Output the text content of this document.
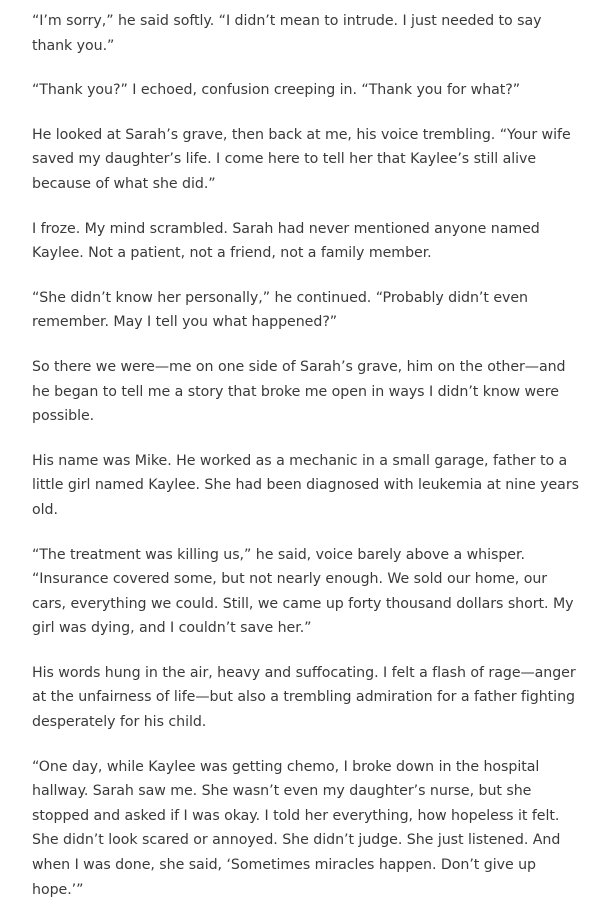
“I’m sorry,” he said softly. “I didn’t mean to intrude. I just needed to say thank you.”

“Thank you?” I echoed, confusion creeping in. “Thank you for what?”

He looked at Sarah’s grave, then back at me, his voice trembling. “Your wife saved my daughter’s life. I come here to tell her that Kaylee’s still alive because of what she did.”

I froze. My mind scrambled. Sarah had never mentioned anyone named Kaylee. Not a patient, not a friend, not a family member.

“She didn’t know her personally,” he continued. “Probably didn’t even remember. May I tell you what happened?”

So there we were—me on one side of Sarah’s grave, him on the other—and he began to tell me a story that broke me open in ways I didn’t know were possible.

His name was Mike. He worked as a mechanic in a small garage, father to a little girl named Kaylee. She had been diagnosed with leukemia at nine years old.

“The treatment was killing us,” he said, voice barely above a whisper. “Insurance covered some, but not nearly enough. We sold our home, our cars, everything we could. Still, we came up forty thousand dollars short. My girl was dying, and I couldn’t save her.”

His words hung in the air, heavy and suffocating. I felt a flash of rage—anger at the unfairness of life—but also a trembling admiration for a father fighting desperately for his child.

“One day, while Kaylee was getting chemo, I broke down in the hospital hallway. Sarah saw me. She wasn’t even my daughter’s nurse, but she stopped and asked if I was okay. I told her everything, how hopeless it felt. She didn’t look scared or annoyed. She didn’t judge. She just listened. And when I was done, she said, ‘Sometimes miracles happen. Don’t give up hope.’”
